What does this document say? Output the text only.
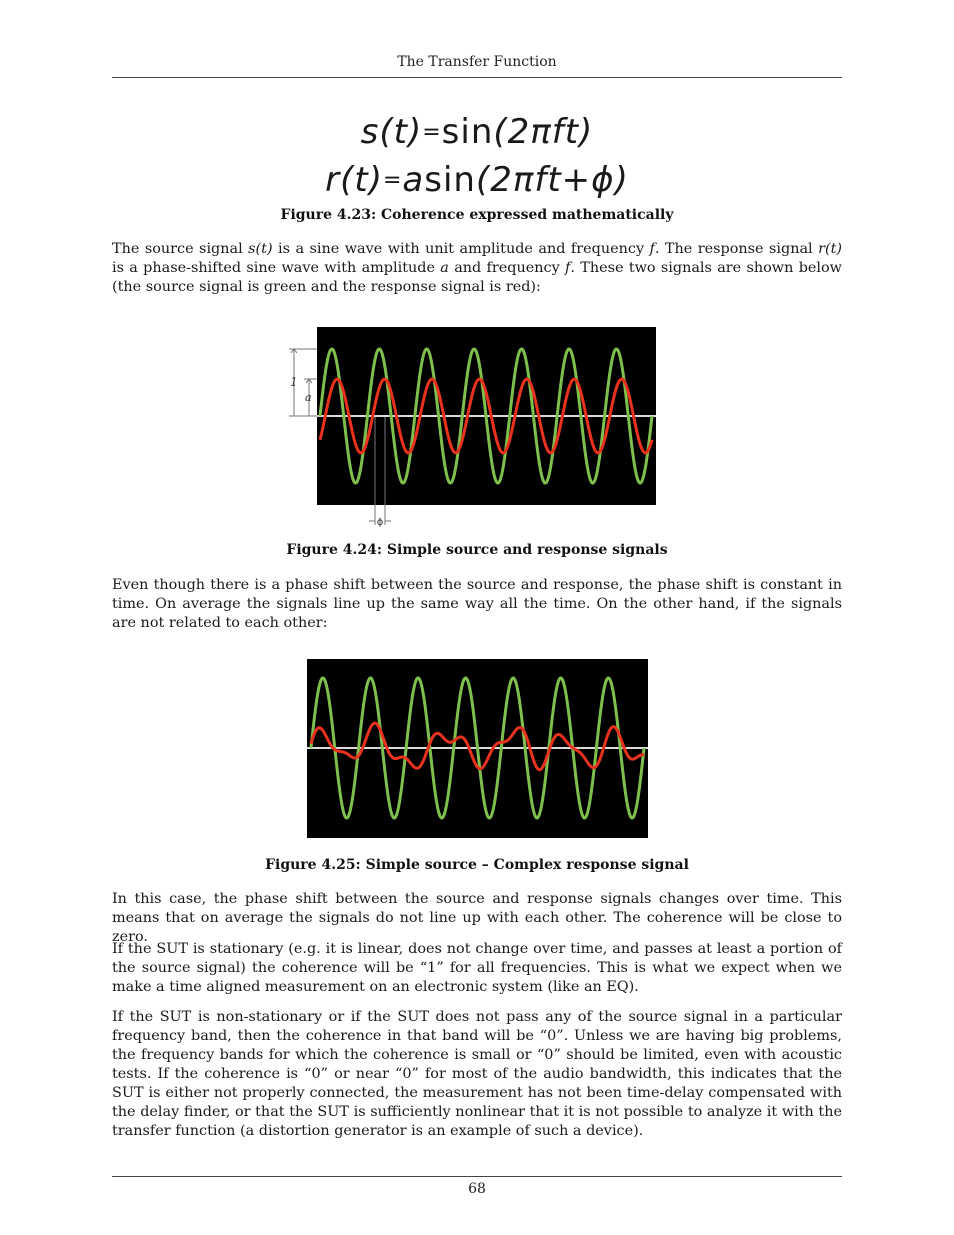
The Transfer Function
s(t)=sin(2πft)
r(t)=asin(2πft+ϕ)
Figure 4.23: Coherence expressed mathematically

The source signal s(t) is a sine wave with unit amplitude and frequency f. The response signal r(t) is a phase-shifted sine wave with amplitude a and frequency f. These two signals are shown below (the source signal is green and the response signal is red):

1
a
ϕ
Figure 4.24: Simple source and response signals

Even though there is a phase shift between the source and response, the phase shift is constant in time. On average the signals line up the same way all the time. On the other hand, if the signals are not related to each other:

Figure 4.25: Simple source – Complex response signal

In this case, the phase shift between the source and response signals changes over time. This means that on average the signals do not line up with each other. The coherence will be close to zero.

If the SUT is stationary (e.g. it is linear, does not change over time, and passes at least a portion of the source signal) the coherence will be “1” for all frequencies. This is what we expect when we make a time aligned measurement on an electronic system (like an EQ).

If the SUT is non-stationary or if the SUT does not pass any of the source signal in a particular frequency band, then the coherence in that band will be “0”. Unless we are having big problems, the frequency bands for which the coherence is small or “0” should be limited, even with acoustic tests. If the coherence is “0” or near “0” for most of the audio bandwidth, this indicates that the SUT is either not properly connected, the measurement has not been time-delay compensated with the delay finder, or that the SUT is sufficiently nonlinear that it is not possible to analyze it with the transfer function (a distortion generator is an example of such a device).

68
